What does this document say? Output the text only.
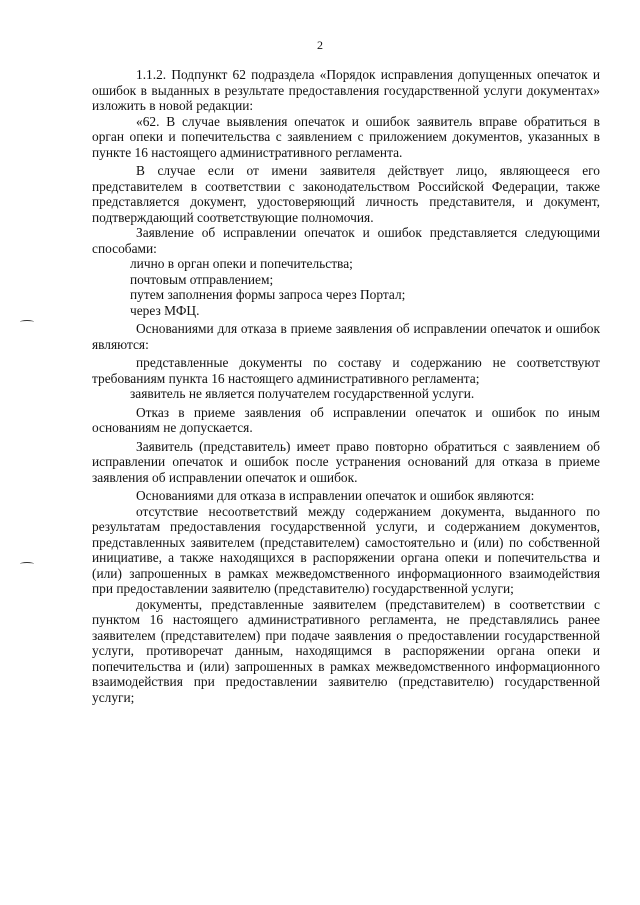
2

1.1.2. Подпункт 62 подраздела «Порядок исправления допущенных опечаток и ошибок в выданных в результате предоставления государственной услуги документах» изложить в новой редакции:

«62. В случае выявления опечаток и ошибок заявитель вправе обратиться в орган опеки и попечительства с заявлением с приложением документов, указанных в пункте 16 настоящего административного регламента.

В случае если от имени заявителя действует лицо, являющееся его представителем в соответствии с законодательством Российской Федерации, также представляется документ, удостоверяющий личность представителя, и документ, подтверждающий соответствующие полномочия.

Заявление об исправлении опечаток и ошибок представляется следующими способами:

лично в орган опеки и попечительства;

почтовым отправлением;

путем заполнения формы запроса через Портал;

через МФЦ.

Основаниями для отказа в приеме заявления об исправлении опечаток и ошибок являются:

представленные документы по составу и содержанию не соответствуют требованиям пункта 16 настоящего административного регламента;

заявитель не является получателем государственной услуги.

Отказ в приеме заявления об исправлении опечаток и ошибок по иным основаниям не допускается.

Заявитель (представитель) имеет право повторно обратиться с заявлением об исправлении опечаток и ошибок после устранения оснований для отказа в приеме заявления об исправлении опечаток и ошибок.

Основаниями для отказа в исправлении опечаток и ошибок являются:

отсутствие несоответствий между содержанием документа, выданного по результатам предоставления государственной услуги, и содержанием документов, представленных заявителем (представителем) самостоятельно и (или) по собственной инициативе, а также находящихся в распоряжении органа опеки и попечительства и (или) запрошенных в рамках межведомственного информационного взаимодействия при предоставлении заявителю (представителю) государственной услуги;

документы, представленные заявителем (представителем) в соответствии с пунктом 16 настоящего административного регламента, не представлялись ранее заявителем (представителем) при подаче заявления о предоставлении государственной услуги, противоречат данным, находящимся в распоряжении органа опеки и попечительства и (или) запрошенных в рамках межведомственного информационного взаимодействия при предоставлении заявителю (представителю) государственной услуги;
